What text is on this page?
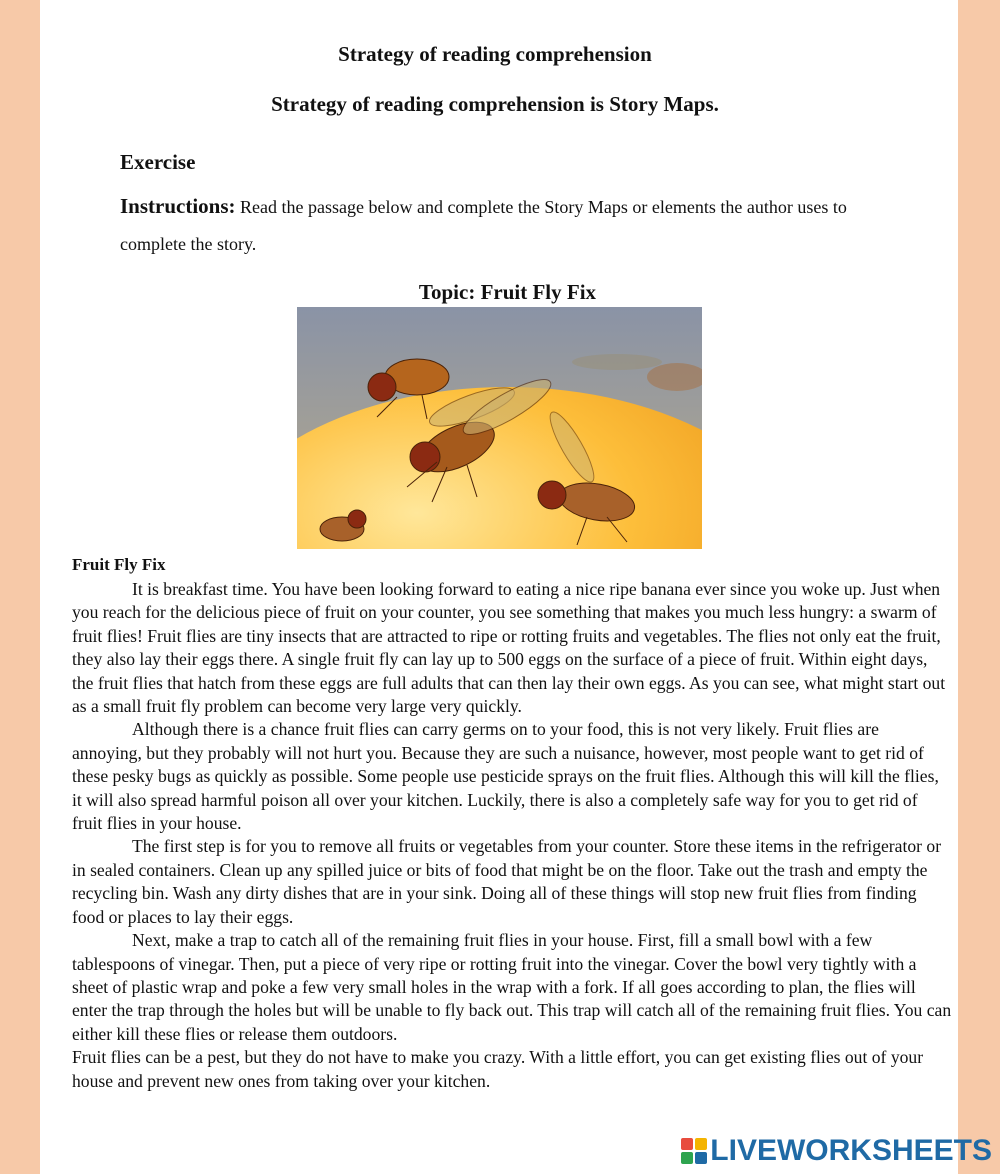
Strategy of reading comprehension
Strategy of reading comprehension is Story Maps.
Exercise
Instructions: Read the passage below and complete the Story Maps or elements the author uses to complete the story.
Topic: Fruit Fly Fix
Fruit Fly Fix

It is breakfast time. You have been looking forward to eating a nice ripe banana ever since you woke up. Just when you reach for the delicious piece of fruit on your counter, you see something that makes you much less hungry: a swarm of fruit flies! Fruit flies are tiny insects that are attracted to ripe or rotting fruits and vegetables. The flies not only eat the fruit, they also lay their eggs there. A single fruit fly can lay up to 500 eggs on the surface of a piece of fruit. Within eight days, the fruit flies that hatch from these eggs are full adults that can then lay their own eggs. As you can see, what might start out as a small fruit fly problem can become very large very quickly.

Although there is a chance fruit flies can carry germs on to your food, this is not very likely. Fruit flies are annoying, but they probably will not hurt you. Because they are such a nuisance, however, most people want to get rid of these pesky bugs as quickly as possible. Some people use pesticide sprays on the fruit flies. Although this will kill the flies, it will also spread harmful poison all over your kitchen. Luckily, there is also a completely safe way for you to get rid of fruit flies in your house.

The first step is for you to remove all fruits or vegetables from your counter. Store these items in the refrigerator or in sealed containers. Clean up any spilled juice or bits of food that might be on the floor. Take out the trash and empty the recycling bin. Wash any dirty dishes that are in your sink. Doing all of these things will stop new fruit flies from finding food or places to lay their eggs.

Next, make a trap to catch all of the remaining fruit flies in your house. First, fill a small bowl with a few tablespoons of vinegar. Then, put a piece of very ripe or rotting fruit into the vinegar. Cover the bowl very tightly with a sheet of plastic wrap and poke a few very small holes in the wrap with a fork. If all goes according to plan, the flies will enter the trap through the holes but will be unable to fly back out. This trap will catch all of the remaining fruit flies. You can either kill these flies or release them outdoors.

Fruit flies can be a pest, but they do not have to make you crazy. With a little effort, you can get existing flies out of your house and prevent new ones from taking over your kitchen.

LIVEWORKSHEETS
